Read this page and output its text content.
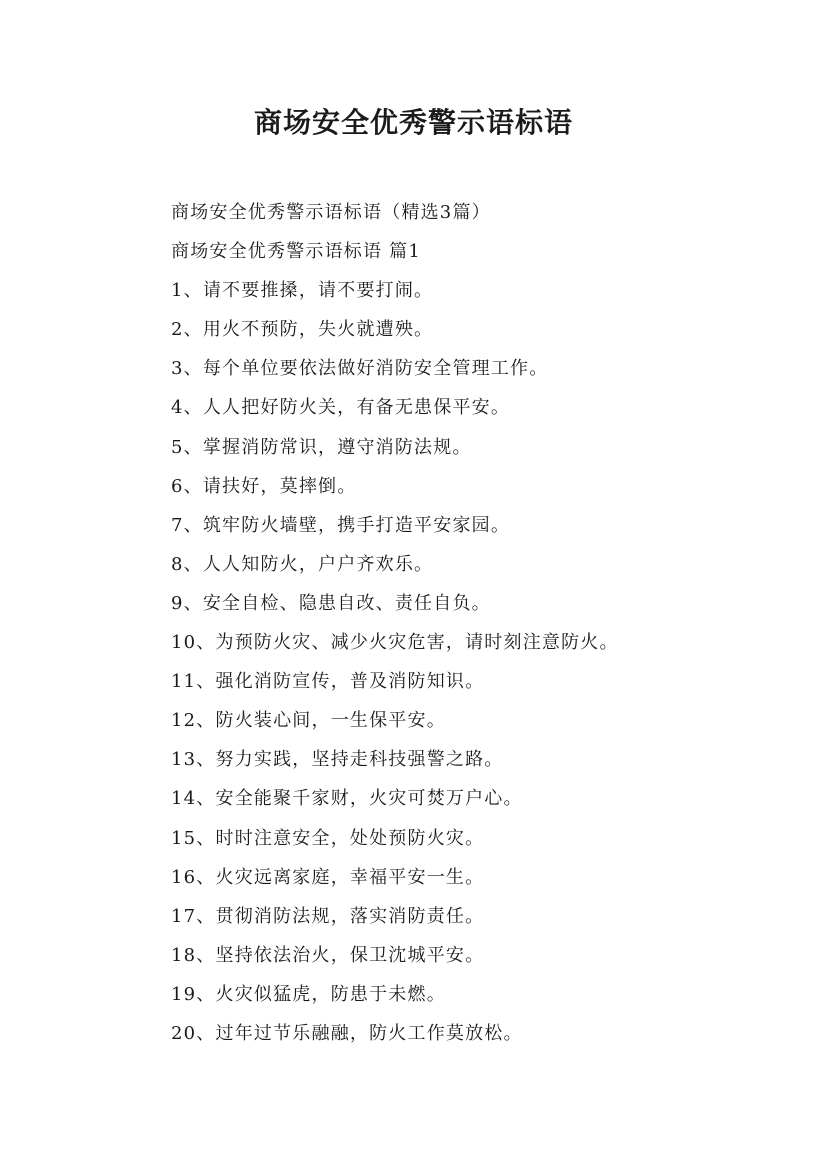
商场安全优秀警示语标语
商场安全优秀警示语标语（精选3篇）
商场安全优秀警示语标语 篇1
1、请不要推搡，请不要打闹。
2、用火不预防，失火就遭殃。
3、每个单位要依法做好消防安全管理工作。
4、人人把好防火关，有备无患保平安。
5、掌握消防常识，遵守消防法规。
6、请扶好，莫摔倒。
7、筑牢防火墙壁，携手打造平安家园。
8、人人知防火，户户齐欢乐。
9、安全自检、隐患自改、责任自负。
10、为预防火灾、减少火灾危害，请时刻注意防火。
11、强化消防宣传，普及消防知识。
12、防火装心间，一生保平安。
13、努力实践，坚持走科技强警之路。
14、安全能聚千家财，火灾可焚万户心。
15、时时注意安全，处处预防火灾。
16、火灾远离家庭，幸福平安一生。
17、贯彻消防法规，落实消防责任。
18、坚持依法治火，保卫沈城平安。
19、火灾似猛虎，防患于未燃。
20、过年过节乐融融，防火工作莫放松。
